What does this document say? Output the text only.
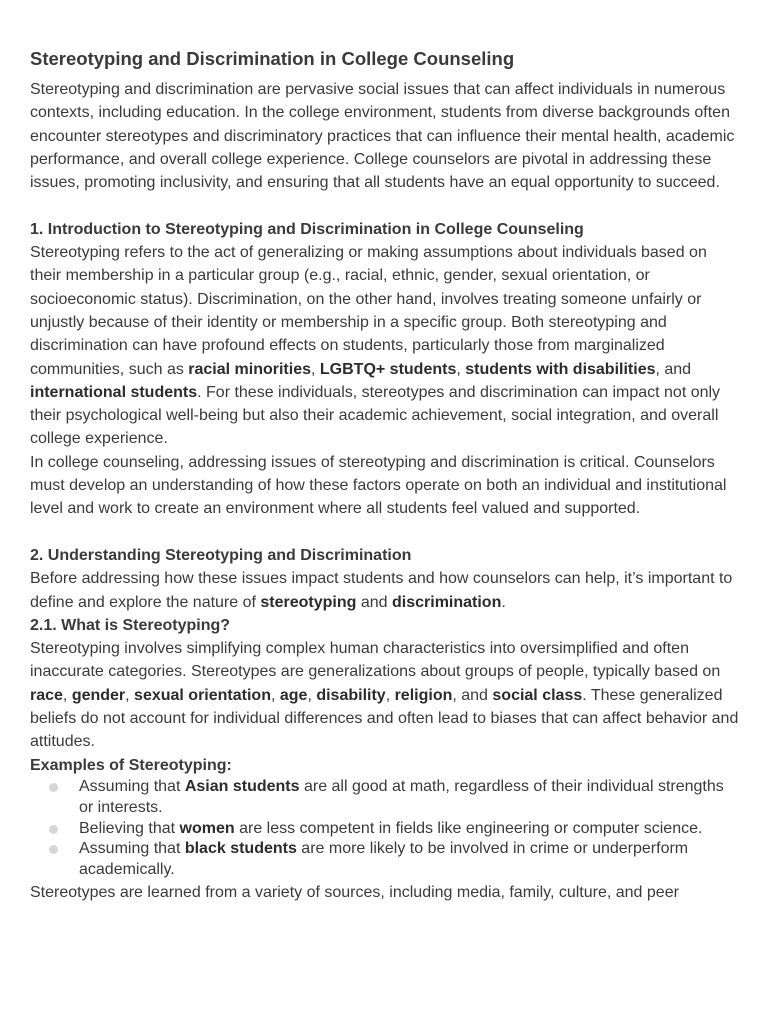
Stereotyping and Discrimination in College Counseling

Stereotyping and discrimination are pervasive social issues that can affect individuals in numerous contexts, including education. In the college environment, students from diverse backgrounds often encounter stereotypes and discriminatory practices that can influence their mental health, academic performance, and overall college experience. College counselors are pivotal in addressing these issues, promoting inclusivity, and ensuring that all students have an equal opportunity to succeed.

1. Introduction to Stereotyping and Discrimination in College Counseling

Stereotyping refers to the act of generalizing or making assumptions about individuals based on their membership in a particular group (e.g., racial, ethnic, gender, sexual orientation, or socioeconomic status). Discrimination, on the other hand, involves treating someone unfairly or unjustly because of their identity or membership in a specific group. Both stereotyping and discrimination can have profound effects on students, particularly those from marginalized communities, such as racial minorities, LGBTQ+ students, students with disabilities, and international students. For these individuals, stereotypes and discrimination can impact not only their psychological well-being but also their academic achievement, social integration, and overall college experience.

In college counseling, addressing issues of stereotyping and discrimination is critical. Counselors must develop an understanding of how these factors operate on both an individual and institutional level and work to create an environment where all students feel valued and supported.

2. Understanding Stereotyping and Discrimination

Before addressing how these issues impact students and how counselors can help, it’s important to define and explore the nature of stereotyping and discrimination.

2.1. What is Stereotyping?

Stereotyping involves simplifying complex human characteristics into oversimplified and often inaccurate categories. Stereotypes are generalizations about groups of people, typically based on race, gender, sexual orientation, age, disability, religion, and social class. These generalized beliefs do not account for individual differences and often lead to biases that can affect behavior and attitudes.

Examples of Stereotyping:

Assuming that Asian students are all good at math, regardless of their individual strengths or interests.
Believing that women are less competent in fields like engineering or computer science.
Assuming that black students are more likely to be involved in crime or underperform academically.

Stereotypes are learned from a variety of sources, including media, family, culture, and peer
